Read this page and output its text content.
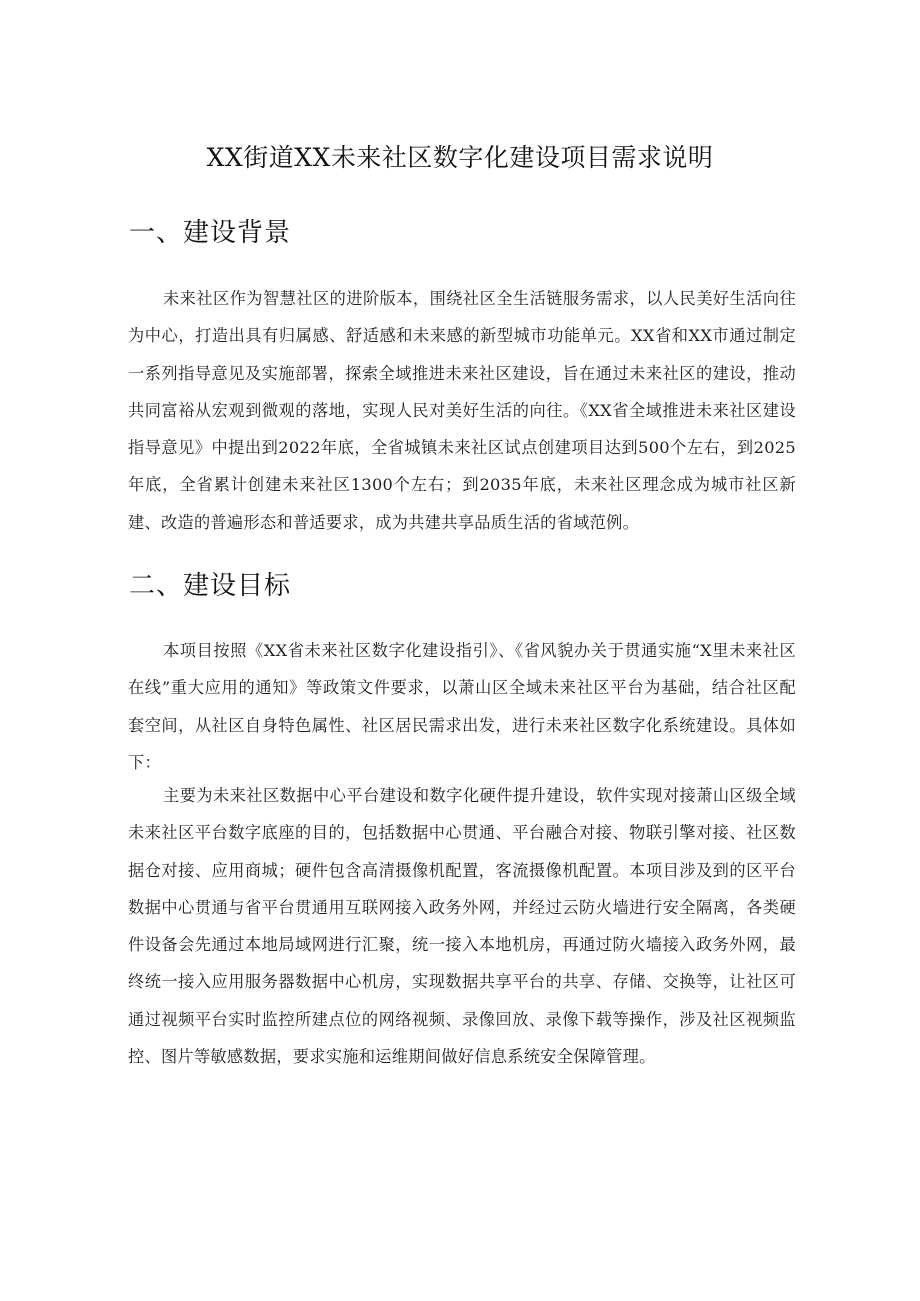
XX街道XX未来社区数字化建设项目需求说明
一、建设背景

未来社区作为智慧社区的进阶版本，围绕社区全生活链服务需求，以人民美好生活向往为中心，打造出具有归属感、舒适感和未来感的新型城市功能单元。XX省和XX市通过制定一系列指导意见及实施部署，探索全域推进未来社区建设，旨在通过未来社区的建设，推动共同富裕从宏观到微观的落地，实现人民对美好生活的向往。《XX省全域推进未来社区建设指导意见》中提出到2022年底，全省城镇未来社区试点创建项目达到500个左右，到2025年底，全省累计创建未来社区1300个左右；到2035年底，未来社区理念成为城市社区新建、改造的普遍形态和普适要求，成为共建共享品质生活的省域范例。

二、建设目标

本项目按照《XX省未来社区数字化建设指引》、《省风貌办关于贯通实施“X里未来社区在线”重大应用的通知》等政策文件要求，以萧山区全域未来社区平台为基础，结合社区配套空间，从社区自身特色属性、社区居民需求出发，进行未来社区数字化系统建设。具体如下：

主要为未来社区数据中心平台建设和数字化硬件提升建设，软件实现对接萧山区级全域未来社区平台数字底座的目的，包括数据中心贯通、平台融合对接、物联引擎对接、社区数据仓对接、应用商城；硬件包含高清摄像机配置，客流摄像机配置。本项目涉及到的区平台数据中心贯通与省平台贯通用互联网接入政务外网，并经过云防火墙进行安全隔离，各类硬件设备会先通过本地局域网进行汇聚，统一接入本地机房，再通过防火墙接入政务外网，最终统一接入应用服务器数据中心机房，实现数据共享平台的共享、存储、交换等，让社区可通过视频平台实时监控所建点位的网络视频、录像回放、录像下载等操作，涉及社区视频监控、图片等敏感数据，要求实施和运维期间做好信息系统安全保障管理。
